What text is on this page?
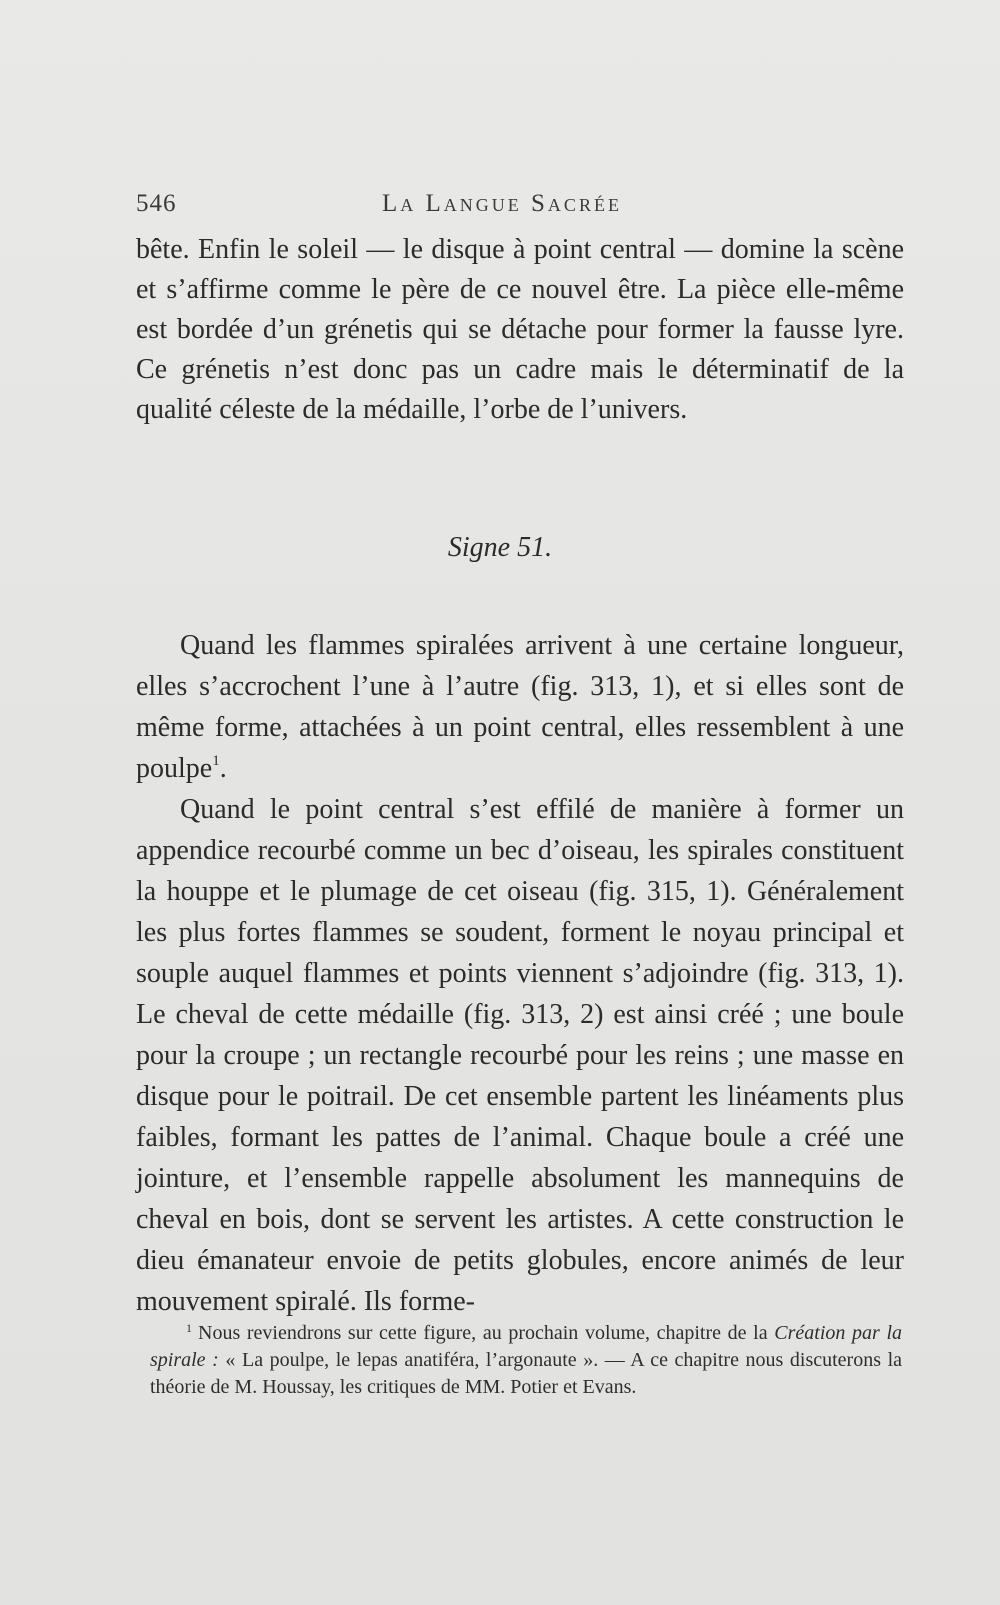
546	La Langue Sacrée

bête. Enfin le soleil — le disque à point central — domine la scène et s’affirme comme le père de ce nouvel être. La pièce elle-même est bordée d’un grénetis qui se détache pour former la fausse lyre. Ce grénetis n’est donc pas un cadre mais le déterminatif de la qualité céleste de la médaille, l’orbe de l’univers.

Signe 51.

Quand les flammes spiralées arrivent à une certaine longueur, elles s’accrochent l’une à l’autre (fig. 313, 1), et si elles sont de même forme, attachées à un point central, elles ressemblent à une poulpe$^1$.

Quand le point central s’est effilé de manière à former un appendice recourbé comme un bec d’oiseau, les spirales constituent la houppe et le plumage de cet oiseau (fig. 315, 1). Généralement les plus fortes flammes se soudent, forment le noyau principal et souple auquel flammes et points viennent s’adjoindre (fig. 313, 1). Le cheval de cette médaille (fig. 313, 2) est ainsi créé ; une boule pour la croupe ; un rectangle recourbé pour les reins ; une masse en disque pour le poitrail. De cet ensemble partent les linéaments plus faibles, formant les pattes de l’animal. Chaque boule a créé une jointure, et l’ensemble rappelle absolument les mannequins de cheval en bois, dont se servent les artistes. A cette construction le dieu émanateur envoie de petits globules, encore animés de leur mouvement spiralé. Ils forme-

$^1$ Nous reviendrons sur cette figure, au prochain volume, chapitre de la Création par la spirale : « La poulpe, le lepas anatiféra, l’argonaute ». — A ce chapitre nous discuterons la théorie de M. Houssay, les critiques de MM. Potier et Evans.
